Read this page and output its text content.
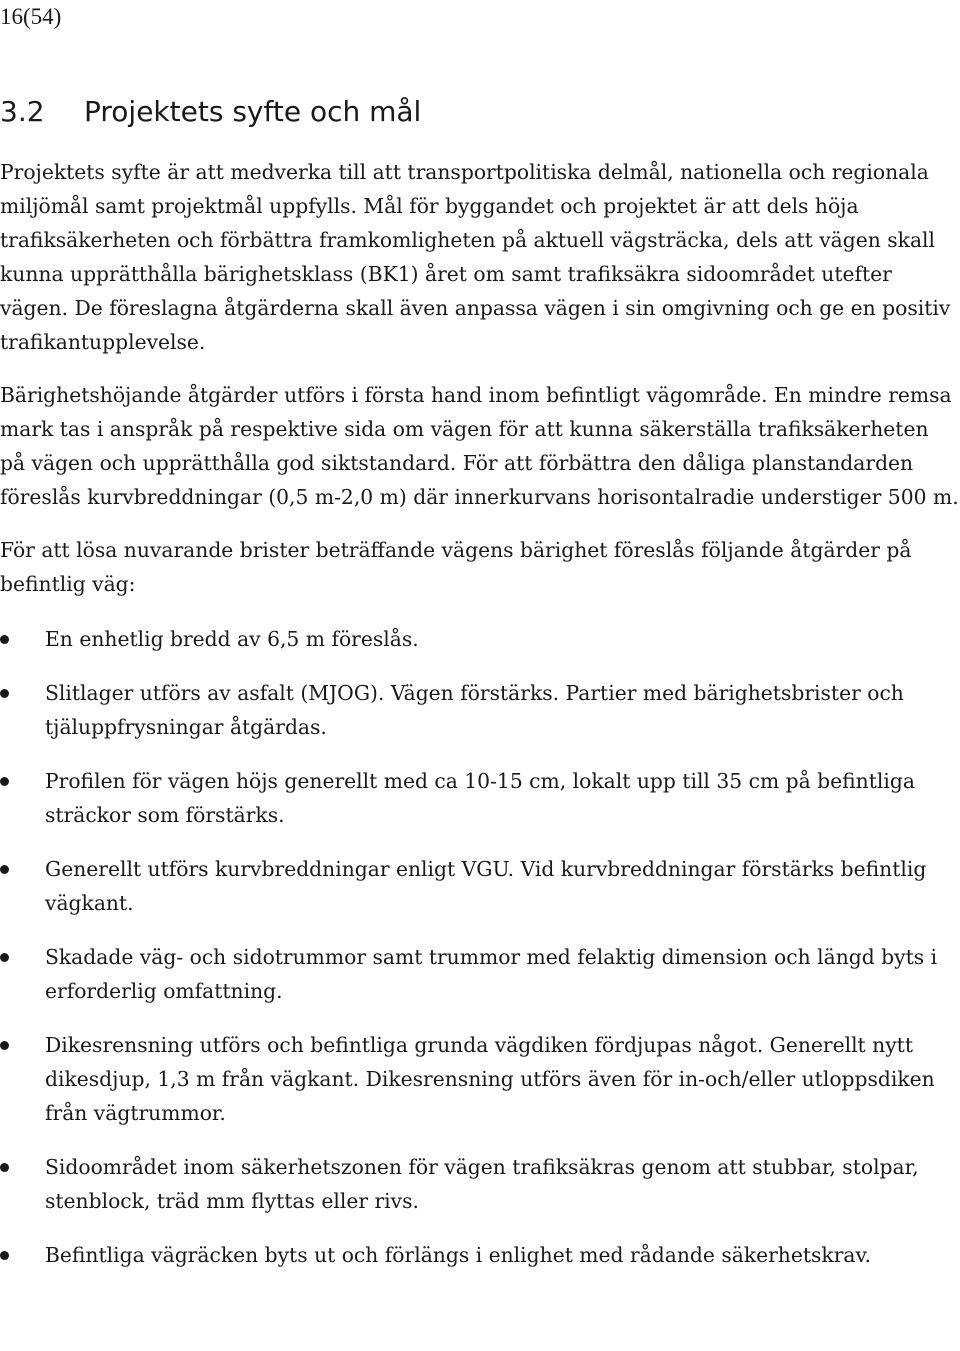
16(54)
3.2 Projektets syfte och mål

Projektets syfte är att medverka till att transportpolitiska delmål, nationella och regionala miljömål samt projektmål uppfylls. Mål för byggandet och projektet är att dels höja trafiksäkerheten och förbättra framkomligheten på aktuell vägsträcka, dels att vägen skall kunna upprätthålla bärighetsklass (BK1) året om samt trafiksäkra sidoområdet utefter vägen. De föreslagna åtgärderna skall även anpassa vägen i sin omgivning och ge en positiv trafikantupplevelse.

Bärighetshöjande åtgärder utförs i första hand inom befintligt vägområde. En mindre remsa mark tas i anspråk på respektive sida om vägen för att kunna säkerställa trafiksäkerheten på vägen och upprätthålla god siktstandard. För att förbättra den dåliga planstandarden föreslås kurvbreddningar (0,5 m-2,0 m) där innerkurvans horisontalradie understiger 500 m.

För att lösa nuvarande brister beträffande vägens bärighet föreslås följande åtgärder på befintlig väg:

En enhetlig bredd av 6,5 m föreslås.
Slitlager utförs av asfalt (MJOG). Vägen förstärks. Partier med bärighetsbrister och tjäluppfrysningar åtgärdas.
Profilen för vägen höjs generellt med ca 10-15 cm, lokalt upp till 35 cm på befintliga sträckor som förstärks.
Generellt utförs kurvbreddningar enligt VGU. Vid kurvbreddningar förstärks befintlig vägkant.
Skadade väg- och sidotrummor samt trummor med felaktig dimension och längd byts i erforderlig omfattning.
Dikesrensning utförs och befintliga grunda vägdiken fördjupas något. Generellt nytt dikesdjup, 1,3 m från vägkant. Dikesrensning utförs även för in-och/eller utloppsdiken från vägtrummor.
Sidoområdet inom säkerhetszonen för vägen trafiksäkras genom att stubbar, stolpar, stenblock, träd mm flyttas eller rivs.
Befintliga vägräcken byts ut och förlängs i enlighet med rådande säkerhetskrav.
